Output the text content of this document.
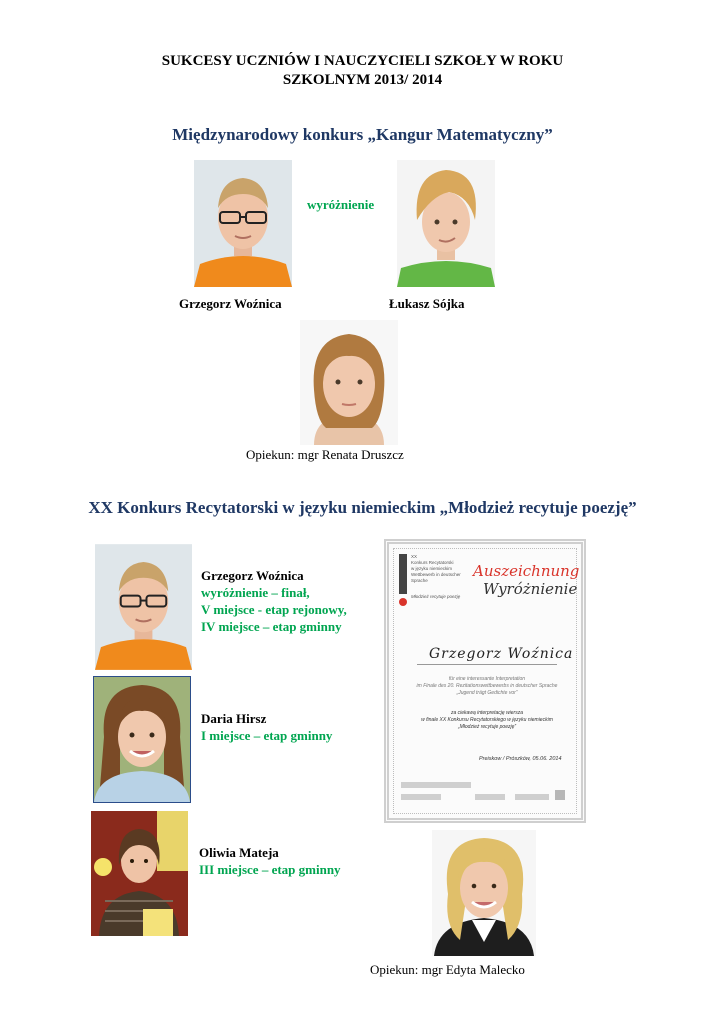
SUKCESY UCZNIÓW I NAUCZYCIELI SZKOŁY W ROKU
SZKOLNYM 2013/ 2014
Międzynarodowy konkurs „Kangur Matematyczny”
wyróżnienie
Grzegorz Woźnica	Łukasz Sójka
Opiekun: mgr Renata Druszcz
XX Konkurs Recytatorski w języku niemieckim „Młodzież recytuje poezję”
Grzegorz Woźnica
wyróżnienie – finał,
V miejsce - etap rejonowy,
IV miejsce – etap gminny
Daria Hirsz
I miejsce – etap gminny
Oliwia Mateja
III miejsce – etap gminny
XX
Konkurs Recytatorski
w języku niemieckim
Wettbewerb in deutscher Sprache
Młodzież recytuje poezję
Auszeichnung
Wyróżnienie
Grzegorz Woźnica
für eine interessante Interpretation
im Finale des 20. Rezitationswettbewerbs in deutscher Sprache
„Jugend trägt Gedichte vor”
za ciekawą interpretację wiersza
w finale XX Konkursu Recytatorskiego w języku niemieckim
„Młodzież recytuje poezję”
Preiskow / Prószków, 05.06. 2014
Opiekun: mgr Edyta Malecko
